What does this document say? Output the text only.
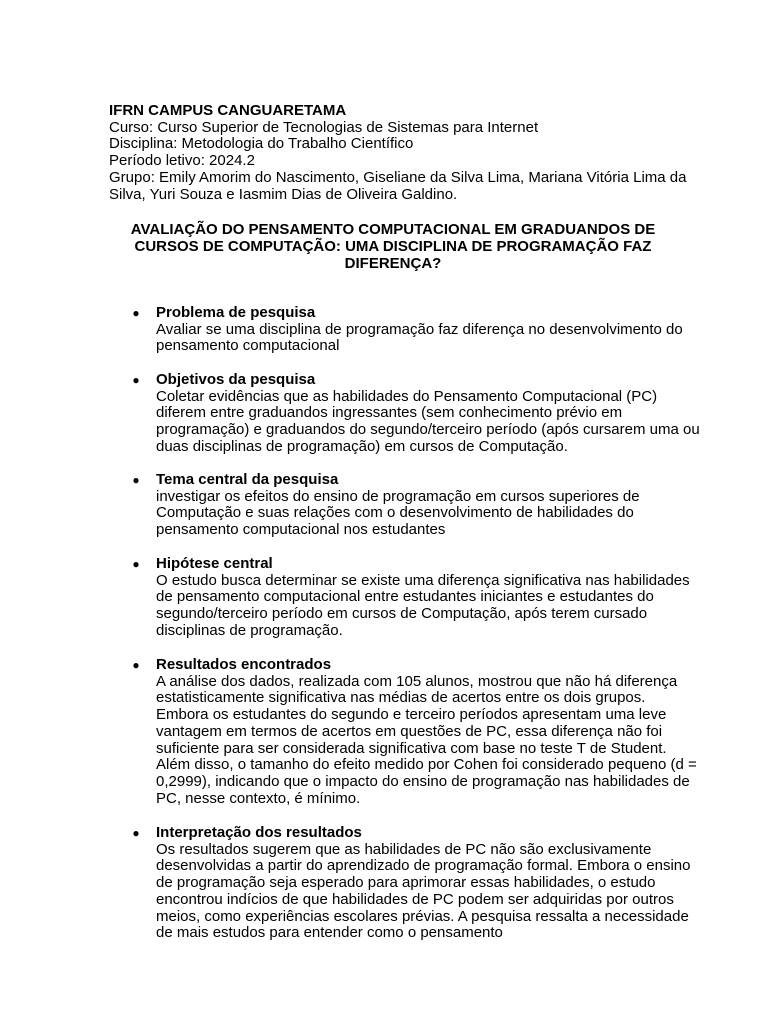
IFRN CAMPUS CANGUARETAMA
Curso: Curso Superior de Tecnologias de Sistemas para Internet
Disciplina: Metodologia do Trabalho Científico
Período letivo: 2024.2
Grupo: Emily Amorim do Nascimento, Giseliane da Silva Lima, Mariana Vitória Lima da Silva, Yuri Souza e Iasmim Dias de Oliveira Galdino.
AVALIAÇÃO DO PENSAMENTO COMPUTACIONAL EM GRADUANDOS DE CURSOS DE COMPUTAÇÃO: UMA DISCIPLINA DE PROGRAMAÇÃO FAZ DIFERENÇA?
● Problema de pesquisa
Avaliar se uma disciplina de programação faz diferença no desenvolvimento do pensamento computacional
● Objetivos da pesquisa
Coletar evidências que as habilidades do Pensamento Computacional (PC) diferem entre graduandos ingressantes (sem conhecimento prévio em programação) e graduandos do segundo/terceiro período (após cursarem uma ou duas disciplinas de programação) em cursos de Computação.
● Tema central da pesquisa
investigar os efeitos do ensino de programação em cursos superiores de Computação e suas relações com o desenvolvimento de habilidades do pensamento computacional nos estudantes
● Hipótese central
O estudo busca determinar se existe uma diferença significativa nas habilidades de pensamento computacional entre estudantes iniciantes e estudantes do segundo/terceiro período em cursos de Computação, após terem cursado disciplinas de programação.
● Resultados encontrados
A análise dos dados, realizada com 105 alunos, mostrou que não há diferença estatisticamente significativa nas médias de acertos entre os dois grupos. Embora os estudantes do segundo e terceiro períodos apresentam uma leve vantagem em termos de acertos em questões de PC, essa diferença não foi suficiente para ser considerada significativa com base no teste T de Student. Além disso, o tamanho do efeito medido por Cohen foi considerado pequeno (d = 0,2999), indicando que o impacto do ensino de programação nas habilidades de PC, nesse contexto, é mínimo.
● Interpretação dos resultados
Os resultados sugerem que as habilidades de PC não são exclusivamente desenvolvidas a partir do aprendizado de programação formal. Embora o ensino de programação seja esperado para aprimorar essas habilidades, o estudo encontrou indícios de que habilidades de PC podem ser adquiridas por outros meios, como experiências escolares prévias. A pesquisa ressalta a necessidade de mais estudos para entender como o pensamento
